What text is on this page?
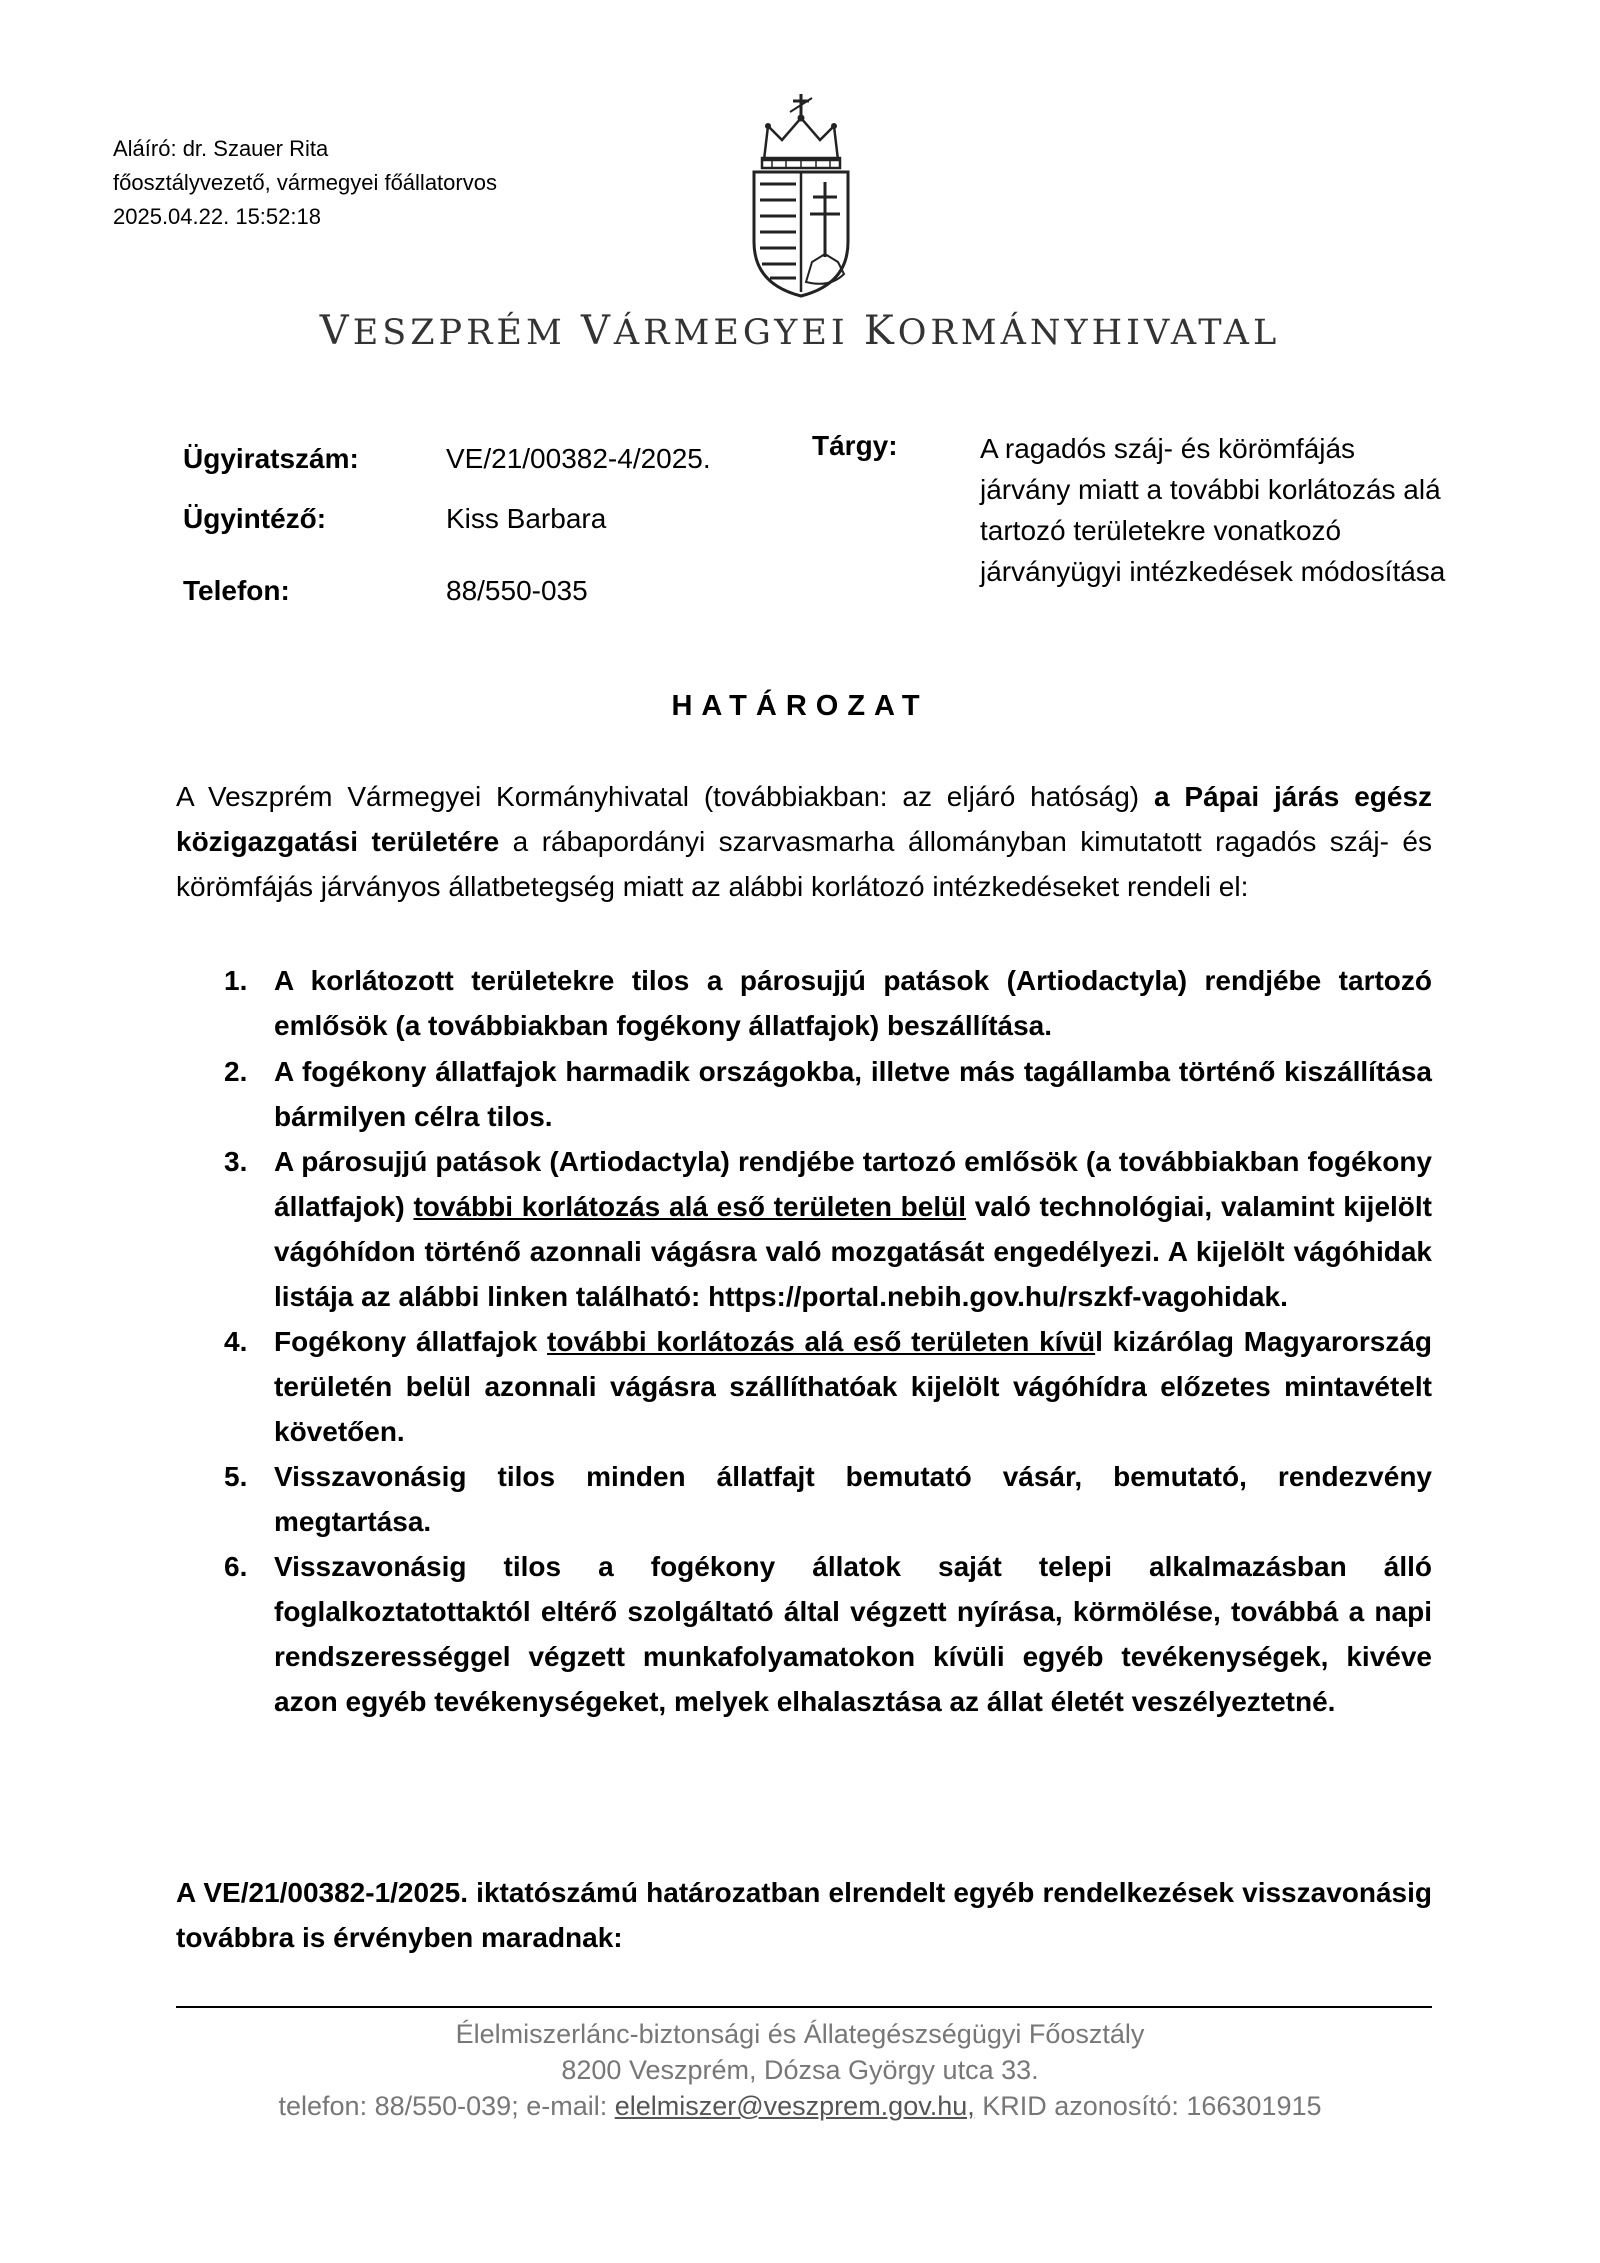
Aláíró: dr. Szauer Rita
főosztályvezető, vármegyei főállatorvos
2025.04.22. 15:52:18
VESZPRÉM VÁRMEGYEI KORMÁNYHIVATAL
Ügyiratszám:	VE/21/00382-4/2025.
Ügyintéző:	Kiss Barbara
Telefon:	88/550-035
Tárgy:	A ragadós száj- és körömfájás járvány miatt a további korlátozás alá tartozó területekre vonatkozó járványügyi intézkedések módosítása
HATÁROZAT
A Veszprém Vármegyei Kormányhivatal (továbbiakban: az eljáró hatóság) a Pápai járás egész közigazgatási területére a rábapordányi szarvasmarha állományban kimutatott ragadós száj- és körömfájás járványos állatbetegség miatt az alábbi korlátozó intézkedéseket rendeli el:
1. A korlátozott területekre tilos a párosujjú patások (Artiodactyla) rendjébe tartozó emlősök (a továbbiakban fogékony állatfajok) beszállítása.
2. A fogékony állatfajok harmadik országokba, illetve más tagállamba történő kiszállítása bármilyen célra tilos.
3. A párosujjú patások (Artiodactyla) rendjébe tartozó emlősök (a továbbiakban fogékony állatfajok) további korlátozás alá eső területen belül való technológiai, valamint kijelölt vágóhídon történő azonnali vágásra való mozgatását engedélyezi. A kijelölt vágóhidak listája az alábbi linken található: https://portal.nebih.gov.hu/rszkf-vagohidak.
4. Fogékony állatfajok további korlátozás alá eső területen kívül kizárólag Magyarország területén belül azonnali vágásra szállíthatóak kijelölt vágóhídra előzetes mintavételt követően.
5. Visszavonásig tilos minden állatfajt bemutató vásár, bemutató, rendezvény megtartása.
6. Visszavonásig tilos a fogékony állatok saját telepi alkalmazásban álló foglalkoztatottaktól eltérő szolgáltató által végzett nyírása, körmölése, továbbá a napi rendszerességgel végzett munkafolyamatokon kívüli egyéb tevékenységek, kivéve azon egyéb tevékenységeket, melyek elhalasztása az állat életét veszélyeztetné.
A VE/21/00382-1/2025. iktatószámú határozatban elrendelt egyéb rendelkezések visszavonásig továbbra is érvényben maradnak:
Élelmiszerlánc-biztonsági és Állategészségügyi Főosztály
8200 Veszprém, Dózsa György utca 33.
telefon: 88/550-039; e-mail: elelmiszer@veszprem.gov.hu, KRID azonosító: 166301915
